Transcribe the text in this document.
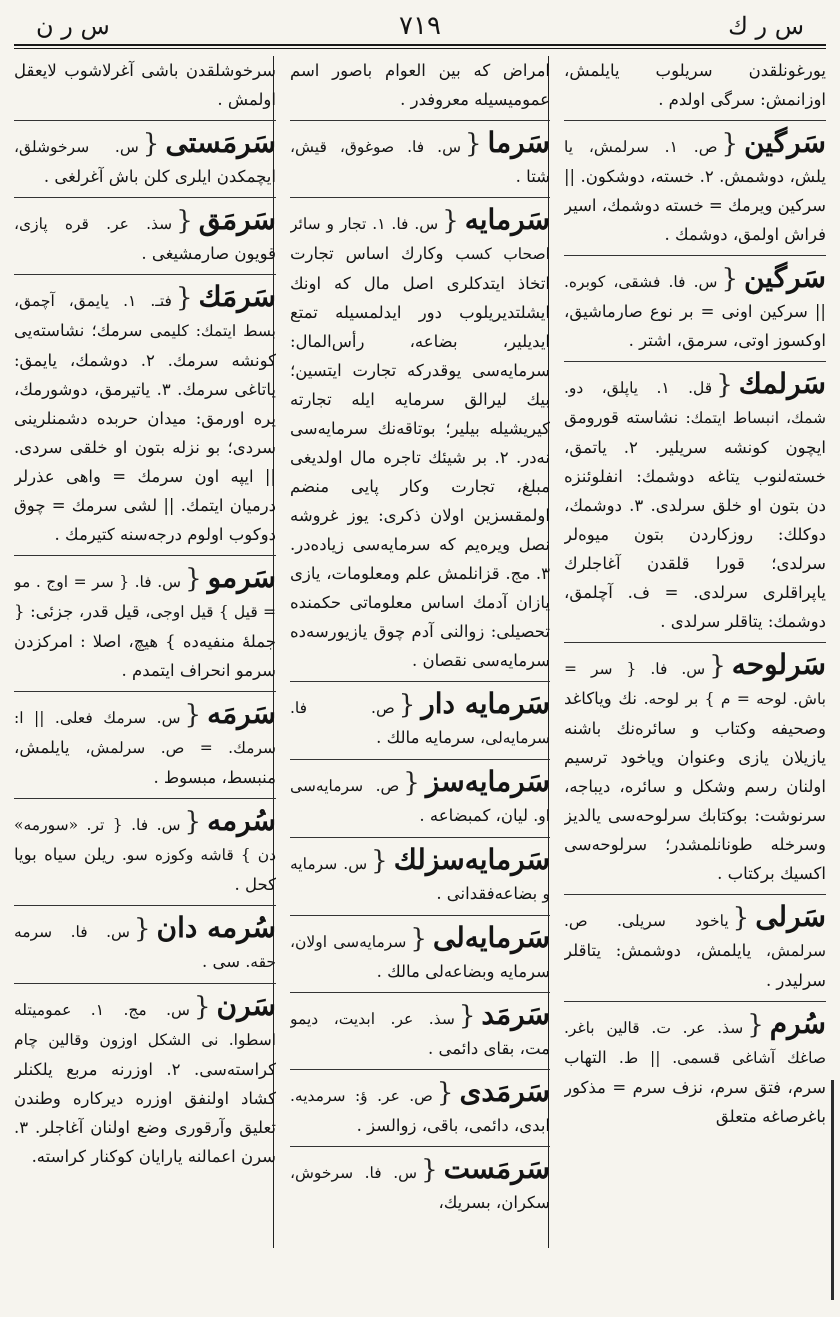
س ر ك
٧١٩
س ر ن

يورغونلقدن سريلوب يايلمش، اوزانمش: سرگى اولدم .

سَرگين{ص. ١. سرلمش، يا يلش، دوشمش. ٢. خسته، دوشكون. || سركين ويرمك = خسته دوشمك، اسير فراش اولمق، دوشمك .

سَرگين{س. فا. فشقى، كوبره. || سركين اونى = بر نوع صارماشيق، اوكسوز اوتى، سرمق، اشتر .

سَرلمك{قل. ١. ياپلق، دو. شمك، انبساط ايتمك: نشاسته قورومق ايچون كونشه سريلير. ٢. ياتمق، خسته‌لنوب يتاغه دوشمك: انفلوئنزه دن بتون او خلق سرلدى. ٣. دوشمك، دوكلك: روزكاردن بتون ميوه‌لر سرلدى؛ قورا قلقدن آغاجلرك ياپراقلرى سرلدى. = ف. آچلمق، دوشمك: يتاقلر سرلدى .

سَرلوحه{س. فا. { سر = باش. لوحه = م } بر لوحه. نك وياكاغد وصحيفه وكتاب و سائره‌نك باشنه يازيلان يازى وعنوان وياخود ترسيم اولنان رسم وشكل و سائره، ديباجه، سرنوشت: بوكتابك سرلوحه‌سى يالديز وسرخله طونانلمشدر؛ سرلوحه‌سى اكسيك بركتاب .

سَرلى{ياخود سريلى. ص. سرلمش، يايلمش، دوشمش: يتاقلر سرليدر .

سُرم{سذ. عر. ت. قالين باغر. صاغك آشاغى قسمى. || ط. التهاب سرم، فتق سرم، نزف سرم = مذكور باغرصاغه متعلق

امراض كه بين العوام باصور اسم عموميسيله معروفدر .

سَرما{س. فا. صوغوق، قيش، شتا .

سَرمايه{س. فا. ١. تجار و سائر اصحاب كسب وكارك اساس تجارت اتخاذ ايتدكلرى اصل مال كه اونك ايشلتديريلوب دور ايدلمسيله تمتع ايديلير، بضاعه، رأس‌المال: سرمايه‌سى يوقدركه تجارت ايتسين؛ بيك ليرالق سرمايه ايله تجارته كيريشيله بيلير؛ بوتاقه‌نك سرمايه‌سى نه‌در. ٢. بر شيئك تاجره مال اولديغى مبلغ، تجارت وكار پايى منضم اولمقسزين اولان ذكرى: يوز غروشه نصل ويره‌يم كه سرمايه‌سى زياده‌در. ٣. مج. قزانلمش علم ومعلومات، يازى يازان آدمك اساس معلوماتى حكمنده تحصيلى: زوالنى آدم چوق يازيورسه‌ده سرمايه‌سى نقصان .

سَرمايه دار{ص. فا. سرمايه‌لى، سرمايه مالك .

سَرمايه‌سز{ص. سرمايه‌سى او. ليان، كمبضاعه .

سَرمايه‌سزلك{س. سرمايه و بضاعه‌فقدانى .

سَرمايه‌لى{سرمايه‌سى اولان، سرمايه وبضاعه‌لى مالك .

سَرمَد{سذ. عر. ابديت، ديمو مت، بقاى دائمى .

سَرمَدى{ص. عر. ؤ: سرمديه. ابدى، دائمى، باقى، زوالسز .

سَرمَست{س. فا. سرخوش، سكران، بسريك،

سرخوشلقدن باشى آغرلاشوب لايعقل اولمش .

سَرمَستى{س. سرخوشلق، ايچمكدن ايلرى كلن باش آغرلغى .

سَرمَق{سذ. عر. قره پازى، قويون صارمشيغى .

سَرمَك{فتـ. ١. يايمق، آچمق، بسط ايتمك: كليمى سرمك؛ نشاسته‌يى كونشه سرمك. ٢. دوشمك، يايمق: ياتاغى سرمك. ٣. ياتيرمق، دوشورمك، يره اورمق: ميدان حربده دشمنلرينى سردى؛ بو نزله بتون او خلقى سردى. || ايپه اون سرمك = واهى عذرلر درميان ايتمك. || لشى سرمك = چوق دوكوب اولوم درجه‌سنه كتيرمك .

سَرمو{س. فا. { سر = اوج . مو = قيل } قيل اوجى، قيل قدر، جزئى: { جملهٔ منفيه‌ده } هيچ، اصلا : امركزدن سرمو انحراف ايتمدم .

سَرمَه{س. سرمك فعلى. || ا: سرمك. = ص. سرلمش، يايلمش، منبسط، مبسوط .

سُرمه{س. فا. { تر. «سورمه» دن } قاشه وكوزه سو. ريلن سياه بويا كحل .

سُرمه دان{س. فا. سرمه حقه. سى .

سَرن{س. مج. ١. عموميتله اسطوا. نى الشكل اوزون وقالين چام كراسته‌سى. ٢. اوزرنه مربع يلكنلر كشاد اولنفق اوزره دیركاره وطندن تعليق وآرقورى وضع اولنان آغاجلر. ٣. سرن اعمالنه يارايان كوكنار كراسته.
